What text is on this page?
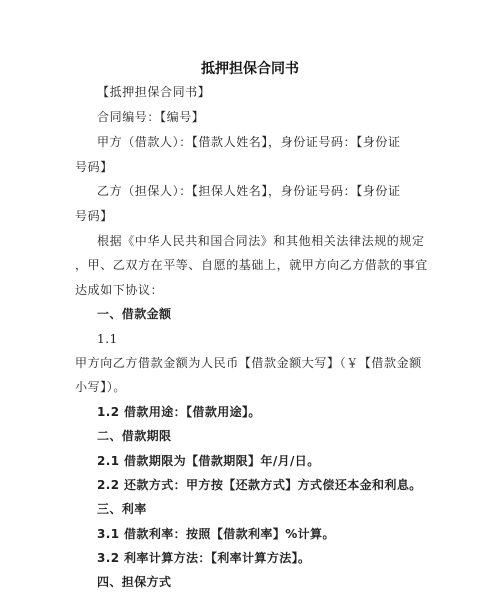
抵押担保合同书
【抵押担保合同书】
合同编号：【编号】
甲方（借款人）：【借款人姓名】，身份证号码：【身份证
号码】
乙方（担保人）：【担保人姓名】，身份证号码：【身份证
号码】
根据《中华人民共和国合同法》和其他相关法律法规的规定
，甲、乙双方在平等、自愿的基础上，就甲方向乙方借款的事宜
达成如下协议：
一、借款金额
1.1
甲方向乙方借款金额为人民币【借款金额大写】（￥【借款金额
小写】）。
1.2 借款用途：【借款用途】。
二、借款期限
2.1 借款期限为【借款期限】年/月/日。
2.2 还款方式：甲方按【还款方式】方式偿还本金和利息。
三、利率
3.1 借款利率：按照【借款利率】%计算。
3.2 利率计算方法：【利率计算方法】。
四、担保方式
